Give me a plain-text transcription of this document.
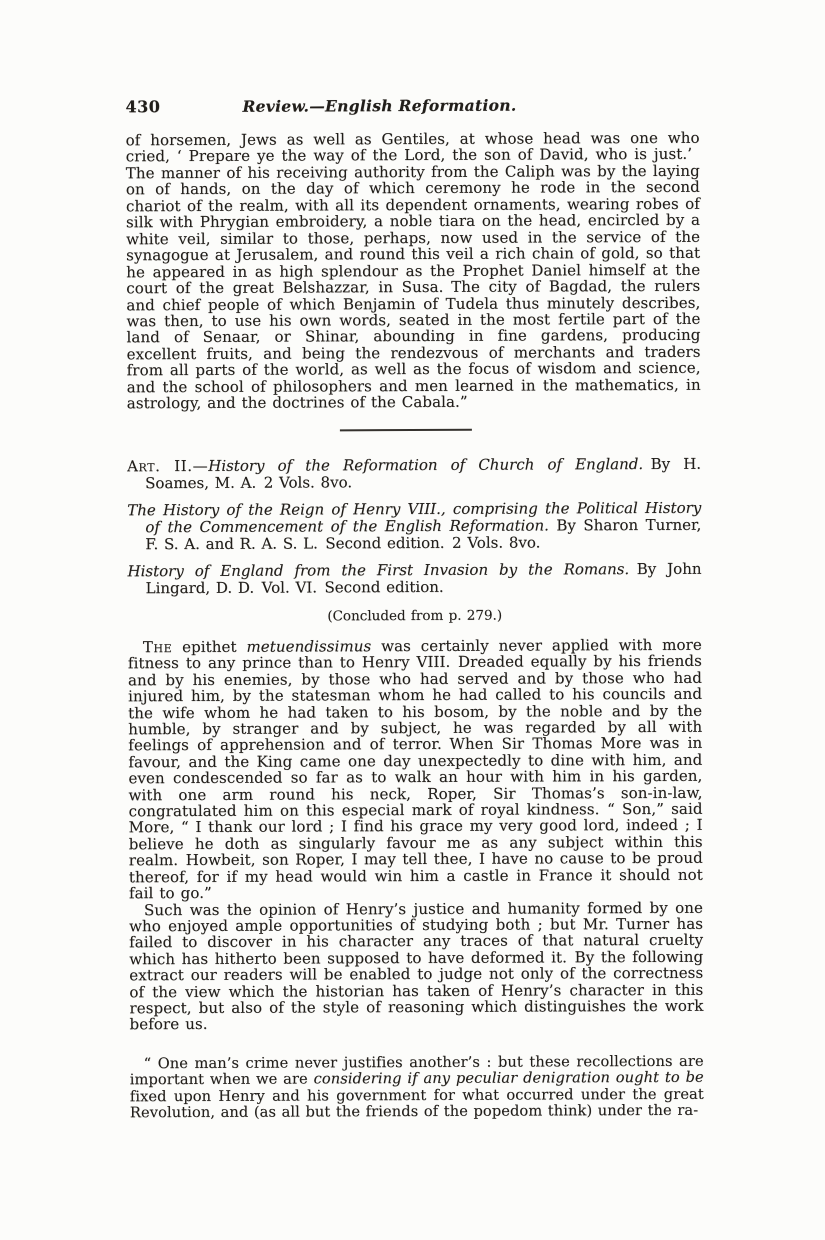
430	Review.—English Reformation.

of horsemen, Jews as well as Gentiles, at whose head was one who cried, ‘ Prepare ye the way of the Lord, the son of David, who is just.’ The manner of his receiving authority from the Caliph was by the laying on of hands, on the day of which ceremony he rode in the second chariot of the realm, with all its dependent ornaments, wearing robes of silk with Phrygian embroidery, a noble tiara on the head, encircled by a white veil, similar to those, perhaps, now used in the service of the synagogue at Jerusalem, and round this veil a rich chain of gold, so that he appeared in as high splendour as the Prophet Daniel himself at the court of the great Belshazzar, in Susa. The city of Bagdad, the rulers and chief people of which Benjamin of Tudela thus minutely describes, was then, to use his own words, seated in the most fertile part of the land of Senaar, or Shinar, abounding in fine gardens, producing excellent fruits, and being the rendezvous of merchants and traders from all parts of the world, as well as the focus of wisdom and science, and the school of philosophers and men learned in the mathematics, in astrology, and the doctrines of the Cabala.”

Art. II.—History of the Reformation of Church of England. By H. Soames, M. A. 2 Vols. 8vo.

The History of the Reign of Henry VIII., comprising the Political History of the Commencement of the English Reformation. By Sharon Turner, F. S. A. and R. A. S. L. Second edition. 2 Vols. 8vo.

History of England from the First Invasion by the Romans. By John Lingard, D. D. Vol. VI. Second edition.

(Concluded from p. 279.)

The epithet metuendissimus was certainly never applied with more fitness to any prince than to Henry VIII. Dreaded equally by his friends and by his enemies, by those who had served and by those who had injured him, by the statesman whom he had called to his councils and the wife whom he had taken to his bosom, by the noble and by the humble, by stranger and by subject, he was regarded by all with feelings of apprehension and of terror. When Sir Thomas More was in favour, and the King came one day unexpectedly to dine with him, and even condescended so far as to walk an hour with him in his garden, with one arm round his neck, Roper, Sir Thomas’s son-in-law, congratulated him on this especial mark of royal kindness. “ Son,” said More, “ I thank our lord ; I find his grace my very good lord, indeed ; I believe he doth as singularly favour me as any subject within this realm. Howbeit, son Roper, I may tell thee, I have no cause to be proud thereof, for if my head would win him a castle in France it should not fail to go.”

Such was the opinion of Henry’s justice and humanity formed by one who enjoyed ample opportunities of studying both ; but Mr. Turner has failed to discover in his character any traces of that natural cruelty which has hitherto been supposed to have deformed it. By the following extract our readers will be enabled to judge not only of the correctness of the view which the historian has taken of Henry’s character in this respect, but also of the style of reasoning which distinguishes the work before us.

“ One man’s crime never justifies another’s : but these recollections are important when we are considering if any peculiar denigration ought to be fixed upon Henry and his government for what occurred under the great Revolution, and (as all but the friends of the popedom think) under the ra-
